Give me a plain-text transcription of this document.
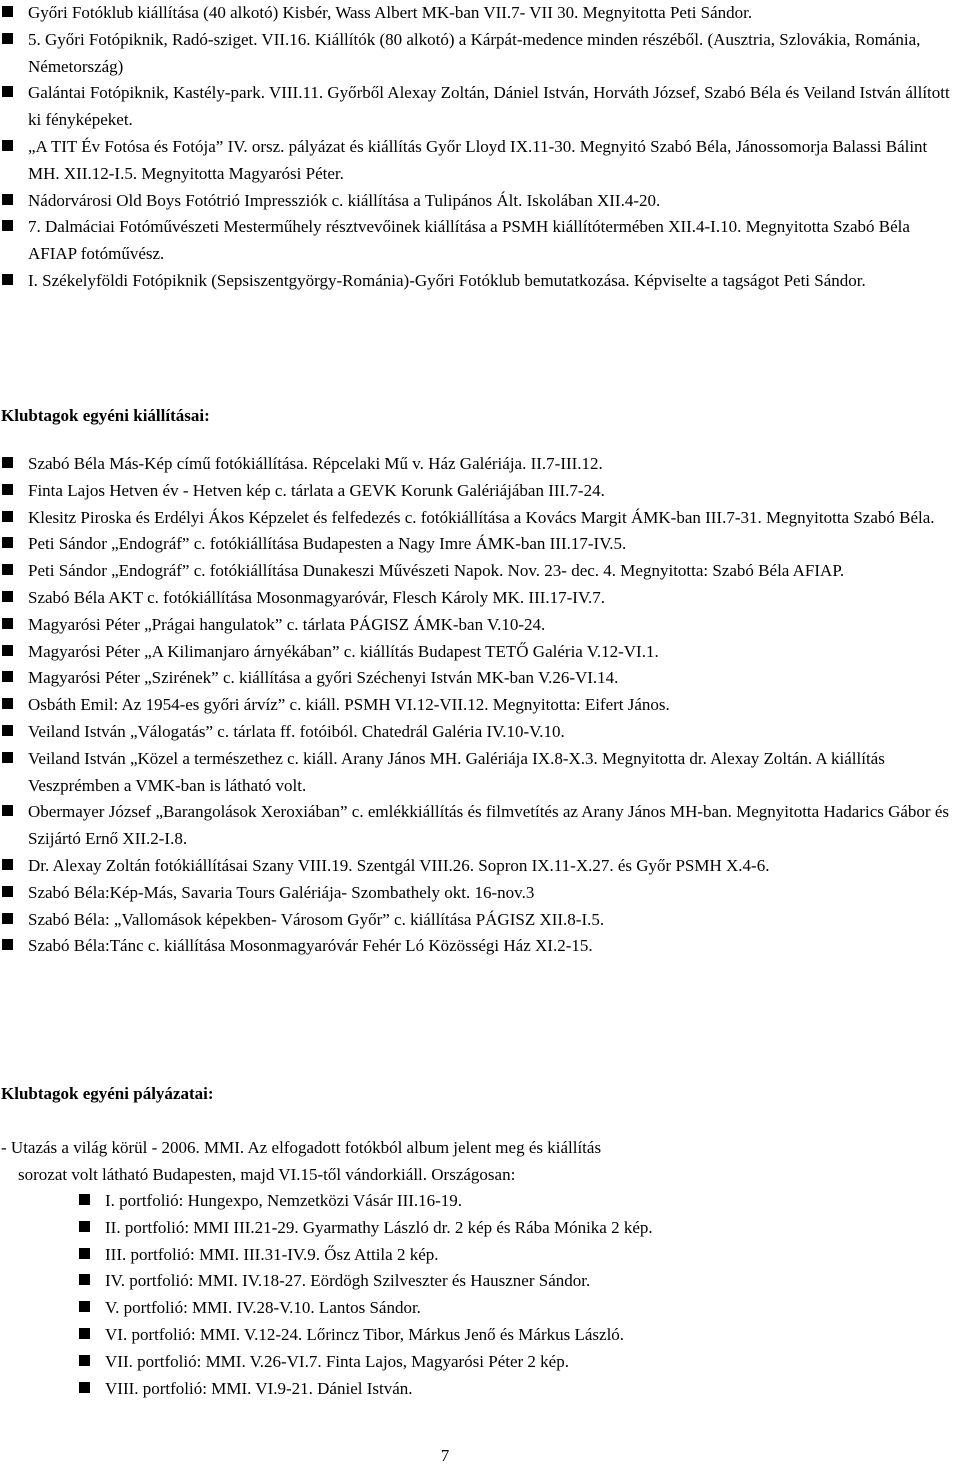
Győri Fotóklub kiállítása (40 alkotó) Kisbér, Wass Albert MK-ban VII.7- VII 30. Megnyitotta Peti Sándor.
5. Győri Fotópiknik, Radó-sziget. VII.16. Kiállítók (80 alkotó) a Kárpát-medence minden részéből. (Ausztria, Szlovákia, Románia, Németország)
Galántai Fotópiknik, Kastély-park. VIII.11. Győrből Alexay Zoltán, Dániel István, Horváth József, Szabó Béla és Veiland István állított ki fényképeket.
„A TIT Év Fotósa és Fotója” IV. orsz. pályázat és kiállítás Győr Lloyd IX.11-30. Megnyitó Szabó Béla, Jánossomorja Balassi Bálint MH. XII.12-I.5. Megnyitotta Magyarósi Péter.
Nádorvárosi Old Boys Fotótrió Impressziók c. kiállítása a Tulipános Ált. Iskolában XII.4-20.
7. Dalmáciai Fotóművészeti Mesterműhely résztvevőinek kiállítása a PSMH kiállítótermében XII.4-I.10. Megnyitotta Szabó Béla AFIAP fotóművész.
I. Székelyföldi Fotópiknik (Sepsiszentgyörgy-Románia)-Győri Fotóklub bemutatkozása. Képviselte a tagságot Peti Sándor.
Klubtagok egyéni kiállításai:
Szabó Béla Más-Kép című fotókiállítása. Répcelaki Mű v. Ház Galériája. II.7-III.12.
Finta Lajos Hetven év - Hetven kép c. tárlata a GEVK Korunk Galériájában III.7-24.
Klesitz Piroska és Erdélyi Ákos Képzelet és felfedezés c. fotókiállítása a Kovács Margit ÁMK-ban III.7-31. Megnyitotta Szabó Béla.
Peti Sándor „Endográf” c. fotókiállítása Budapesten a Nagy Imre ÁMK-ban III.17-IV.5.
Peti Sándor „Endográf” c. fotókiállítása Dunakeszi Művészeti Napok. Nov. 23- dec. 4. Megnyitotta: Szabó Béla AFIAP.
Szabó Béla AKT c. fotókiállítása Mosonmagyaróvár, Flesch Károly MK. III.17-IV.7.
Magyarósi Péter „Prágai hangulatok” c. tárlata PÁGISZ ÁMK-ban V.10-24.
Magyarósi Péter „A Kilimanjaro árnyékában” c. kiállítás Budapest TETŐ Galéria V.12-VI.1.
Magyarósi Péter „Szirének” c. kiállítása a győri Széchenyi István MK-ban V.26-VI.14.
Osbáth Emil: Az 1954-es győri árvíz” c. kiáll. PSMH VI.12-VII.12. Megnyitotta: Eifert János.
Veiland István „Válogatás” c. tárlata ff. fotóiból. Chatedrál Galéria IV.10-V.10.
Veiland István „Közel a természethez c. kiáll. Arany János MH. Galériája IX.8-X.3. Megnyitotta dr. Alexay Zoltán. A kiállítás Veszprémben a VMK-ban is látható volt.
Obermayer József „Barangolások Xeroxiában” c. emlékkiállítás és filmvetítés az Arany János MH-ban. Megnyitotta Hadarics Gábor és Szijártó Ernő XII.2-I.8.
Dr. Alexay Zoltán fotókiállításai Szany VIII.19. Szentgál VIII.26. Sopron IX.11-X.27. és Győr PSMH X.4-6.
Szabó Béla:Kép-Más, Savaria Tours Galériája- Szombathely okt. 16-nov.3
Szabó Béla: „Vallomások képekben- Városom Győr” c. kiállítása PÁGISZ XII.8-I.5.
Szabó Béla:Tánc c. kiállítása Mosonmagyaróvár Fehér Ló Közösségi Ház XI.2-15.
Klubtagok egyéni pályázatai:
- Utazás a világ körül - 2006. MMI. Az elfogadott fotókból album jelent meg és kiállítás
sorozat volt látható Budapesten, majd VI.15-től vándorkiáll. Országosan:
I. portfolió: Hungexpo, Nemzetközi Vásár III.16-19.
II. portfolió: MMI III.21-29. Gyarmathy László dr. 2 kép és Rába Mónika 2 kép.
III. portfolió: MMI. III.31-IV.9. Ősz Attila 2 kép.
IV. portfolió: MMI. IV.18-27. Eördögh Szilveszter és Hauszner Sándor.
V. portfolió: MMI. IV.28-V.10. Lantos Sándor.
VI. portfolió: MMI. V.12-24. Lőrincz Tibor, Márkus Jenő és Márkus László.
VII. portfolió: MMI. V.26-VI.7. Finta Lajos, Magyarósi Péter 2 kép.
VIII. portfolió: MMI. VI.9-21. Dániel István.
7
